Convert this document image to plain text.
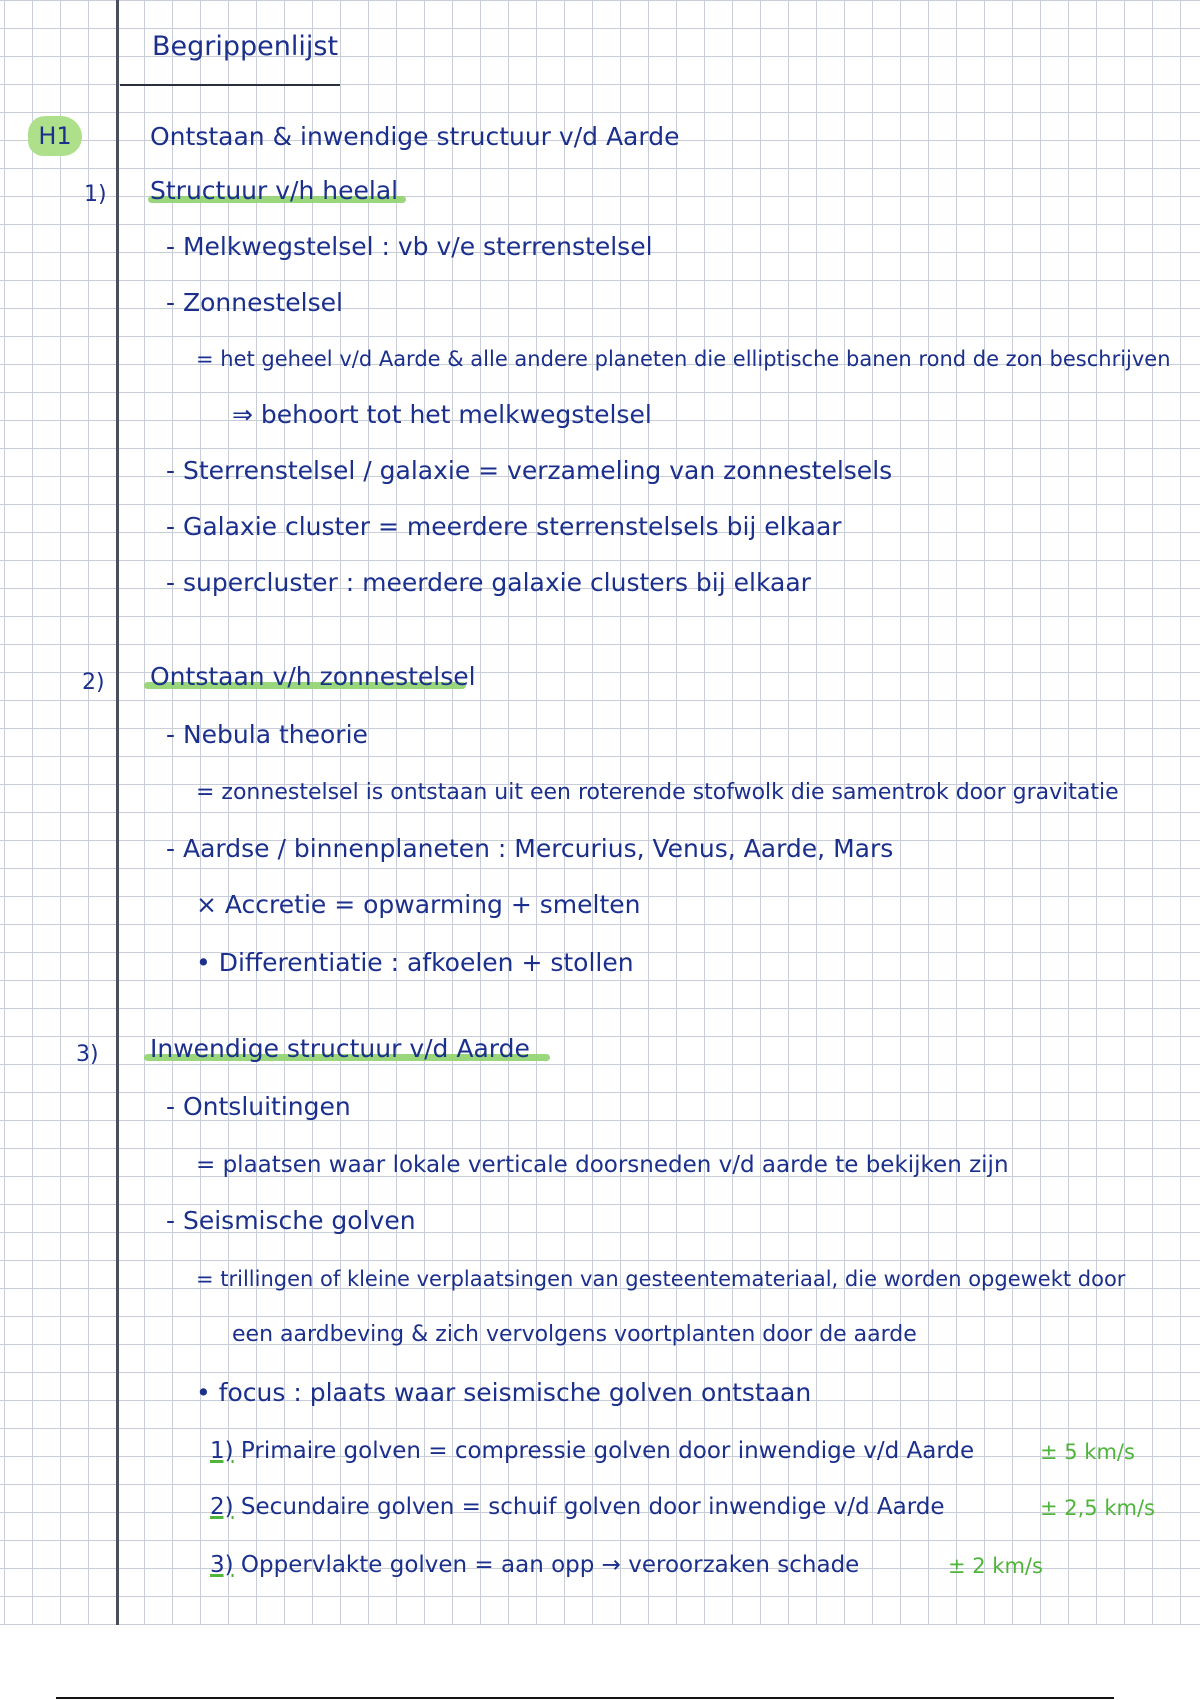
Begrippenlijst
H1	Ontstaan & inwendige structuur v/d Aarde
1) Structuur v/h heelal
- Melkwegstelsel : vb v/e sterrenstelsel
- Zonnestelsel
= het geheel v/d Aarde & alle andere planeten die elliptische banen rond de zon beschrijven
⇒ behoort tot het melkwegstelsel
- Sterrenstelsel / galaxie = verzameling van zonnestelsels
- Galaxie cluster = meerdere sterrenstelsels bij elkaar
- supercluster : meerdere galaxie clusters bij elkaar
2) Ontstaan v/h zonnestelsel
- Nebula theorie
= zonnestelsel is ontstaan uit een roterende stofwolk die samentrok door gravitatie
- Aardse / binnenplaneten : Mercurius, Venus, Aarde, Mars
× Accretie = opwarming + smelten
• Differentiatie : afkoelen + stollen
3) Inwendige structuur v/d Aarde
- Ontsluitingen
= plaatsen waar lokale verticale doorsneden v/d aarde te bekijken zijn
- Seismische golven
= trillingen of kleine verplaatsingen van gesteentemateriaal, die worden opgewekt door
een aardbeving & zich vervolgens voortplanten door de aarde
• focus : plaats waar seismische golven ontstaan
1) Primaire golven = compressie golven door inwendige v/d Aarde	± 5 km/s
2) Secundaire golven = schuif golven door inwendige v/d Aarde	± 2,5 km/s
3) Oppervlakte golven = aan opp → veroorzaken schade	± 2 km/s
